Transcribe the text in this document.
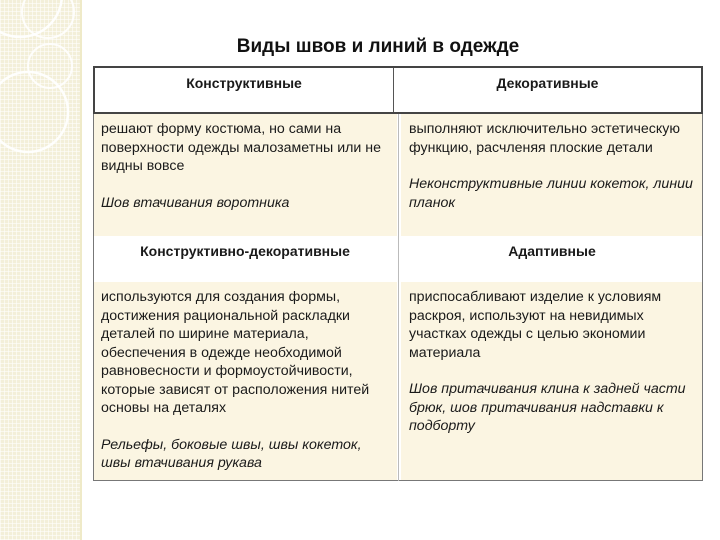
Виды швов и линий в одежде
Конструктивные	Декоративные
решают форму костюма, но сами на поверхности одежды малозаметны или не видны вовсе
Шов втачивания воротника
выполняют исключительно эстетическую функцию, расчленяя плоские детали
Неконструктивные линии кокеток, линии планок
Конструктивно-декоративные	Адаптивные
используются для создания формы, достижения рациональной раскладки деталей по ширине материала, обеспечения в одежде необходимой равновесности и формоустойчивости, которые зависят от расположения нитей основы на деталях
Рельефы, боковые швы, швы кокеток, швы втачивания рукава
приспосабливают изделие к условиям раскроя, используют на невидимых участках одежды с целью экономии материала
Шов притачивания клина к задней части брюк, шов притачивания надставки к подборту
